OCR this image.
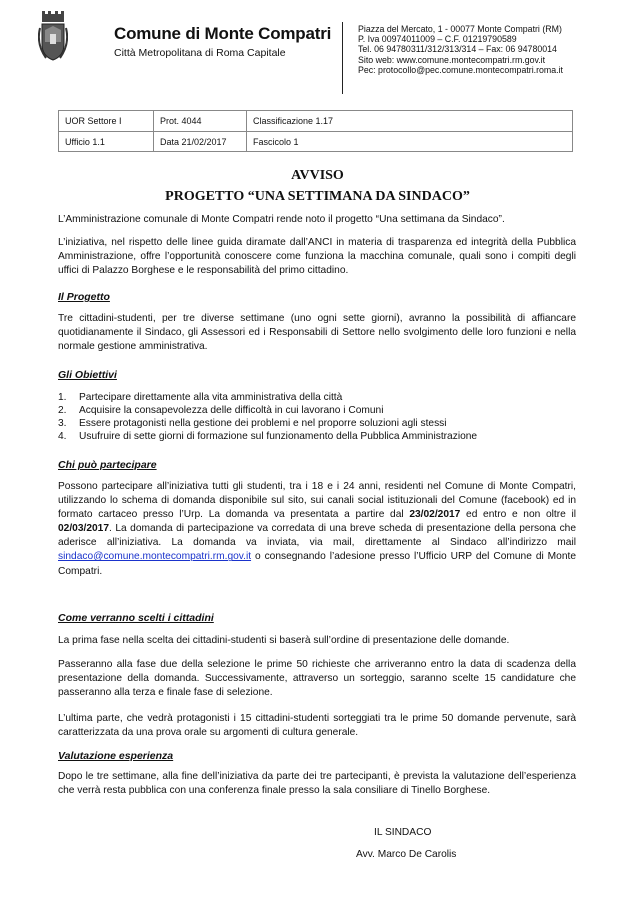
Comune di Monte Compatri
Città Metropolitana di Roma Capitale
Piazza del Mercato, 1 - 00077 Monte Compatri (RM)
P. Iva 00974011009 – C.F. 01219790589
Tel. 06 94780311/312/313/314 – Fax: 06 94780014
Sito web: www.comune.montecompatri.rm.gov.it
Pec: protocollo@pec.comune.montecompatri.roma.it
UOR Settore I	Prot. 4044	Classificazione 1.17
Ufficio 1.1	Data 21/02/2017	Fascicolo 1
AVVISO
PROGETTO “UNA SETTIMANA DA SINDACO”
L’Amministrazione comunale di Monte Compatri rende noto il progetto “Una settimana da Sindaco”.
L’iniziativa, nel rispetto delle linee guida diramate dall’ANCI in materia di trasparenza ed integrità della Pubblica Amministrazione, offre l’opportunità conoscere come funziona la macchina comunale, quali sono i compiti degli uffici di Palazzo Borghese e le responsabilità del primo cittadino.
Il Progetto
Tre cittadini-studenti, per tre diverse settimane (uno ogni sette giorni), avranno la possibilità di affiancare quotidianamente il Sindaco, gli Assessori ed i Responsabili di Settore nello svolgimento delle loro funzioni e nella normale gestione amministrativa.
Gli Obiettivi
1. Partecipare direttamente alla vita amministrativa della città
2. Acquisire la consapevolezza delle difficoltà in cui lavorano i Comuni
3. Essere protagonisti nella gestione dei problemi e nel proporre soluzioni agli stessi
4. Usufruire di sette giorni di formazione sul funzionamento della Pubblica Amministrazione
Chi può partecipare
Possono partecipare all’iniziativa tutti gli studenti, tra i 18 e i 24 anni, residenti nel Comune di Monte Compatri, utilizzando lo schema di domanda disponibile sul sito, sui canali social istituzionali del Comune (facebook) ed in formato cartaceo presso l’Urp. La domanda va presentata a partire dal 23/02/2017 ed entro e non oltre il 02/03/2017. La domanda di partecipazione va corredata di una breve scheda di presentazione della persona che aderisce all’iniziativa. La domanda va inviata, via mail, direttamente al Sindaco all’indirizzo mail sindaco@comune.montecompatri.rm.gov.it o consegnando l’adesione presso l’Ufficio URP del Comune di Monte Compatri.
Come verranno scelti i cittadini
La prima fase nella scelta dei cittadini-studenti si baserà sull’ordine di presentazione delle domande.
Passeranno alla fase due della selezione le prime 50 richieste che arriveranno entro la data di scadenza della presentazione della domanda. Successivamente, attraverso un sorteggio, saranno scelte 15 candidature che passeranno alla terza e finale fase di selezione.
L’ultima parte, che vedrà protagonisti i 15 cittadini-studenti sorteggiati tra le prime 50 domande pervenute, sarà caratterizzata da una prova orale su argomenti di cultura generale.
Valutazione esperienza
Dopo le tre settimane, alla fine dell’iniziativa da parte dei tre partecipanti, è prevista la valutazione dell’esperienza che verrà resta pubblica con una conferenza finale presso la sala consiliare di Tinello Borghese.
IL SINDACO
Avv. Marco De Carolis
